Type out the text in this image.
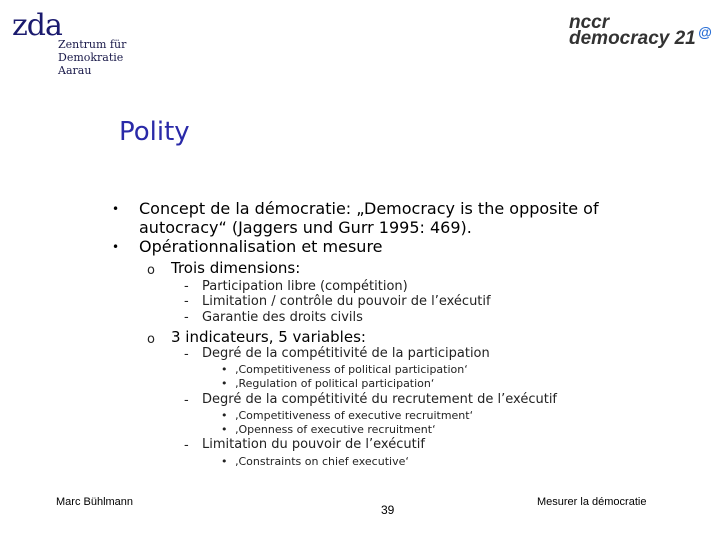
zda
Zentrum für
Demokratie
Aarau
nccr
democracy 21 @
Polity
• Concept de la démocratie: „Democracy is the opposite of
autocracy“ (Jaggers und Gurr 1995: 469).
• Opérationnalisation et mesure
o Trois dimensions:
- Participation libre (compétition)
- Limitation / contrôle du pouvoir de l’exécutif
- Garantie des droits civils
o 3 indicateurs, 5 variables:
- Degré de la compétitivité de la participation
• ‚Competitiveness of political participation‘
• ‚Regulation of political participation‘
- Degré de la compétitivité du recrutement de l’exécutif
• ‚Competitiveness of executive recruitment‘
• ‚Openness of executive recruitment‘
- Limitation du pouvoir de l’exécutif
• ‚Constraints on chief executive‘
Marc Bühlmann
39
Mesurer la démocratie
